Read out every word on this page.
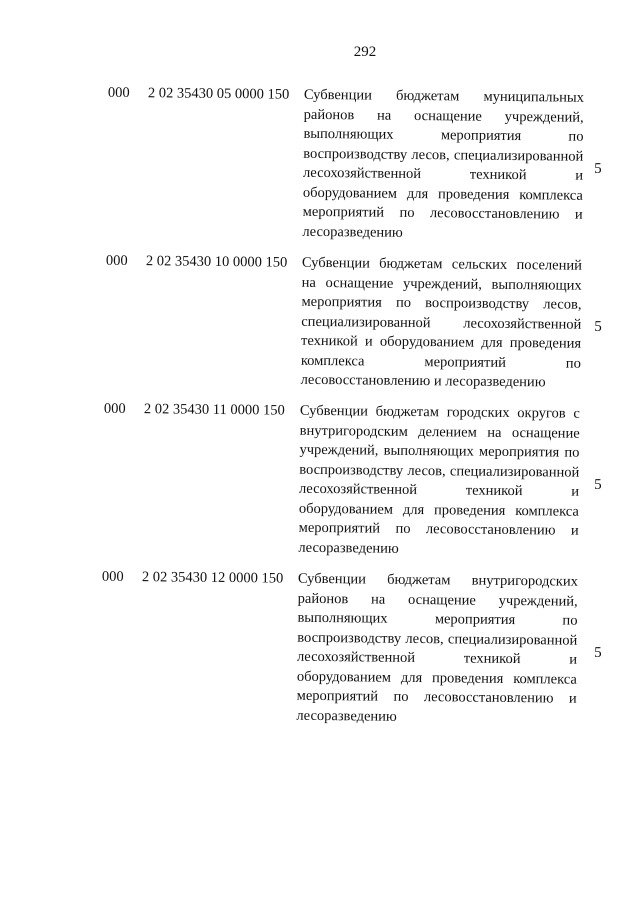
292
000 2 02 35430 05 0000 150 Субвенции бюджетам муниципальных районов на оснащение учреждений, выполняющих мероприятия по воспроизводству лесов, специализированной лесохозяйственной техникой и оборудованием для проведения комплекса мероприятий по лесовосстановлению и лесоразведению
5
000 2 02 35430 10 0000 150 Субвенции бюджетам сельских поселений на оснащение учреждений, выполняющих мероприятия по воспроизводству лесов, специализированной лесохозяйственной техникой и оборудованием для проведения комплекса мероприятий по лесовосстановлению и лесоразведению
5
000 2 02 35430 11 0000 150 Субвенции бюджетам городских округов с внутригородским делением на оснащение учреждений, выполняющих мероприятия по воспроизводству лесов, специализированной лесохозяйственной техникой и оборудованием для проведения комплекса мероприятий по лесовосстановлению и лесоразведению
5
000 2 02 35430 12 0000 150 Субвенции бюджетам внутригородских районов на оснащение учреждений, выполняющих мероприятия по воспроизводству лесов, специализированной лесохозяйственной техникой и оборудованием для проведения комплекса мероприятий по лесовосстановлению и лесоразведению
5
